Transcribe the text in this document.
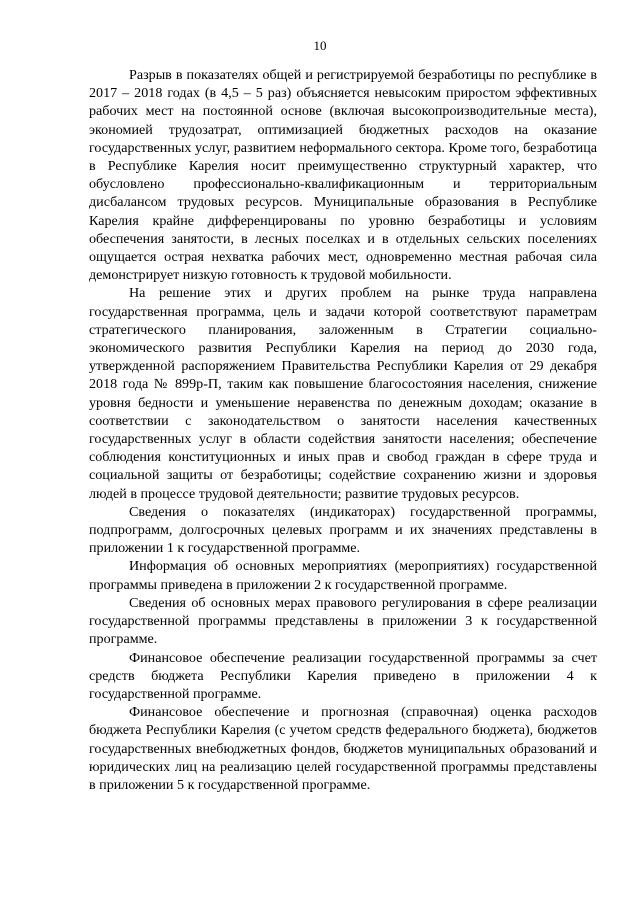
10

Разрыв в показателях общей и регистрируемой безработицы по республике в 2017 – 2018 годах (в 4,5 – 5 раз) объясняется невысоким приростом эффективных рабочих мест на постоянной основе (включая высокопроизводительные места), экономией трудозатрат, оптимизацией бюджетных расходов на оказание государственных услуг, развитием неформального сектора. Кроме того, безработица в Республике Карелия носит преимущественно структурный характер, что обусловлено профессионально-квалификационным и территориальным дисбалансом трудовых ресурсов. Муниципальные образования в Республике Карелия крайне дифференцированы по уровню безработицы и условиям обеспечения занятости, в лесных поселках и в отдельных сельских поселениях ощущается острая нехватка рабочих мест, одновременно местная рабочая сила демонстрирует низкую готовность к трудовой мобильности.

На решение этих и других проблем на рынке труда направлена государственная программа, цель и задачи которой соответствуют параметрам стратегического планирования, заложенным в Стратегии социально-экономического развития Республики Карелия на период до 2030 года, утвержденной распоряжением Правительства Республики Карелия от 29 декабря 2018 года № 899р-П, таким как повышение благосостояния населения, снижение уровня бедности и уменьшение неравенства по денежным доходам; оказание в соответствии с законодательством о занятости населения качественных государственных услуг в области содействия занятости населения; обеспечение соблюдения конституционных и иных прав и свобод граждан в сфере труда и социальной защиты от безработицы; содействие сохранению жизни и здоровья людей в процессе трудовой деятельности; развитие трудовых ресурсов.

Сведения о показателях (индикаторах) государственной программы, подпрограмм, долгосрочных целевых программ и их значениях представлены в приложении 1 к государственной программе.

Информация об основных мероприятиях (мероприятиях) государственной программы приведена в приложении 2 к государственной программе.

Сведения об основных мерах правового регулирования в сфере реализации государственной программы представлены в приложении 3 к государственной программе.

Финансовое обеспечение реализации государственной программы за счет средств бюджета Республики Карелия приведено в приложении 4 к государственной программе.

Финансовое обеспечение и прогнозная (справочная) оценка расходов бюджета Республики Карелия (с учетом средств федерального бюджета), бюджетов государственных внебюджетных фондов, бюджетов муниципальных образований и юридических лиц на реализацию целей государственной программы представлены в приложении 5 к государственной программе.
